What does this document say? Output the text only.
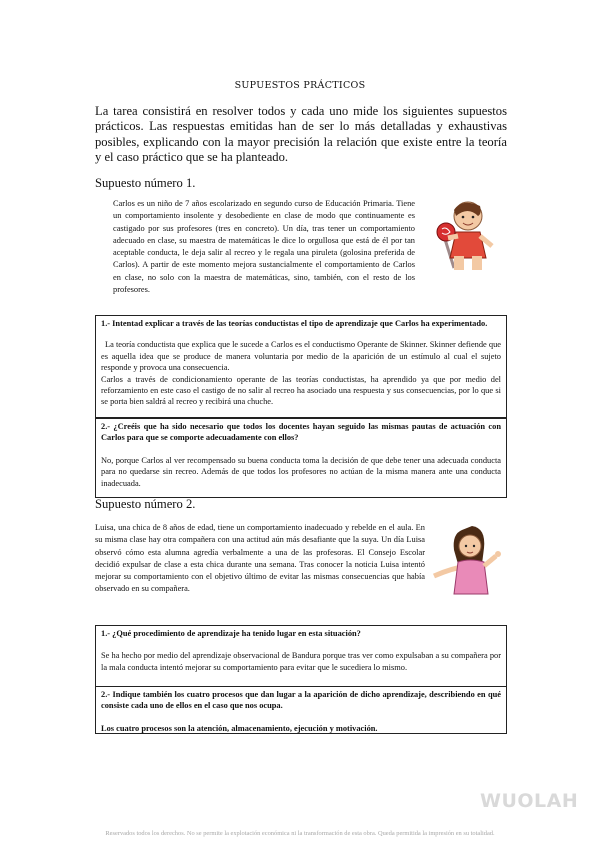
SUPUESTOS PRÁCTICOS
La tarea consistirá en resolver todos y cada uno mide los siguientes supuestos prácticos. Las respuestas emitidas han de ser lo más detalladas y exhaustivas posibles, explicando con la mayor precisión la relación que existe entre la teoría y el caso práctico que se ha planteado.
Supuesto número 1.
Carlos es un niño de 7 años escolarizado en segundo curso de Educación Primaria. Tiene un comportamiento insolente y desobediente en clase de modo que continuamente es castigado por sus profesores (tres en concreto). Un día, tras tener un comportamiento adecuado en clase, su maestra de matemáticas le dice lo orgullosa que está de él por tan aceptable conducta, le deja salir al recreo y le regala una piruleta (golosina preferida de Carlos). A partir de este momento mejora sustancialmente el comportamiento de Carlos en clase, no solo con la maestra de matemáticas, sino, también, con el resto de los profesores.

1.- Intentad explicar a través de las teorías conductistas el tipo de aprendizaje que Carlos ha experimentado.

La teoría conductista que explica que le sucede a Carlos es el conductismo Operante de Skinner. Skinner defiende que es aquella idea que se produce de manera voluntaria por medio de la aparición de un estímulo al cual el sujeto responde y provoca una consecuencia.

Carlos a través de condicionamiento operante de las teorías conductistas, ha aprendido ya que por medio del reforzamiento en este caso el castigo de no salir al recreo ha asociado una respuesta y sus consecuencias, por lo que si se porta bien saldrá al recreo y recibirá una chuche.

2.- ¿Creéis que ha sido necesario que todos los docentes hayan seguido las mismas pautas de actuación con Carlos para que se comporte adecuadamente con ellos?

No, porque Carlos al ver recompensado su buena conducta toma la decisión de que debe tener una adecuada conducta para no quedarse sin recreo. Además de que todos los profesores no actúan de la misma manera ante una conducta inadecuada.

Supuesto número 2.
Luisa, una chica de 8 años de edad, tiene un comportamiento inadecuado y rebelde en el aula. En su misma clase hay otra compañera con una actitud aún más desafiante que la suya. Un día Luisa observó cómo esta alumna agredía verbalmente a una de las profesoras. El Consejo Escolar decidió expulsar de clase a esta chica durante una semana. Tras conocer la noticia Luisa intentó mejorar su comportamiento con el objetivo último de evitar las mismas consecuencias que había observado en su compañera.

1.- ¿Qué procedimiento de aprendizaje ha tenido lugar en esta situación?

Se ha hecho por medio del aprendizaje observacional de Bandura porque tras ver como expulsaban a su compañera por la mala conducta intentó mejorar su comportamiento para evitar que le sucediera lo mismo.

2.- Indique también los cuatro procesos que dan lugar a la aparición de dicho aprendizaje, describiendo en qué consiste cada uno de ellos en el caso que nos ocupa.

Los cuatro procesos son la atención, almacenamiento, ejecución y motivación.

WUOLAH
Reservados todos los derechos. No se permite la explotación económica ni la transformación de esta obra. Queda permitida la impresión en su totalidad.
